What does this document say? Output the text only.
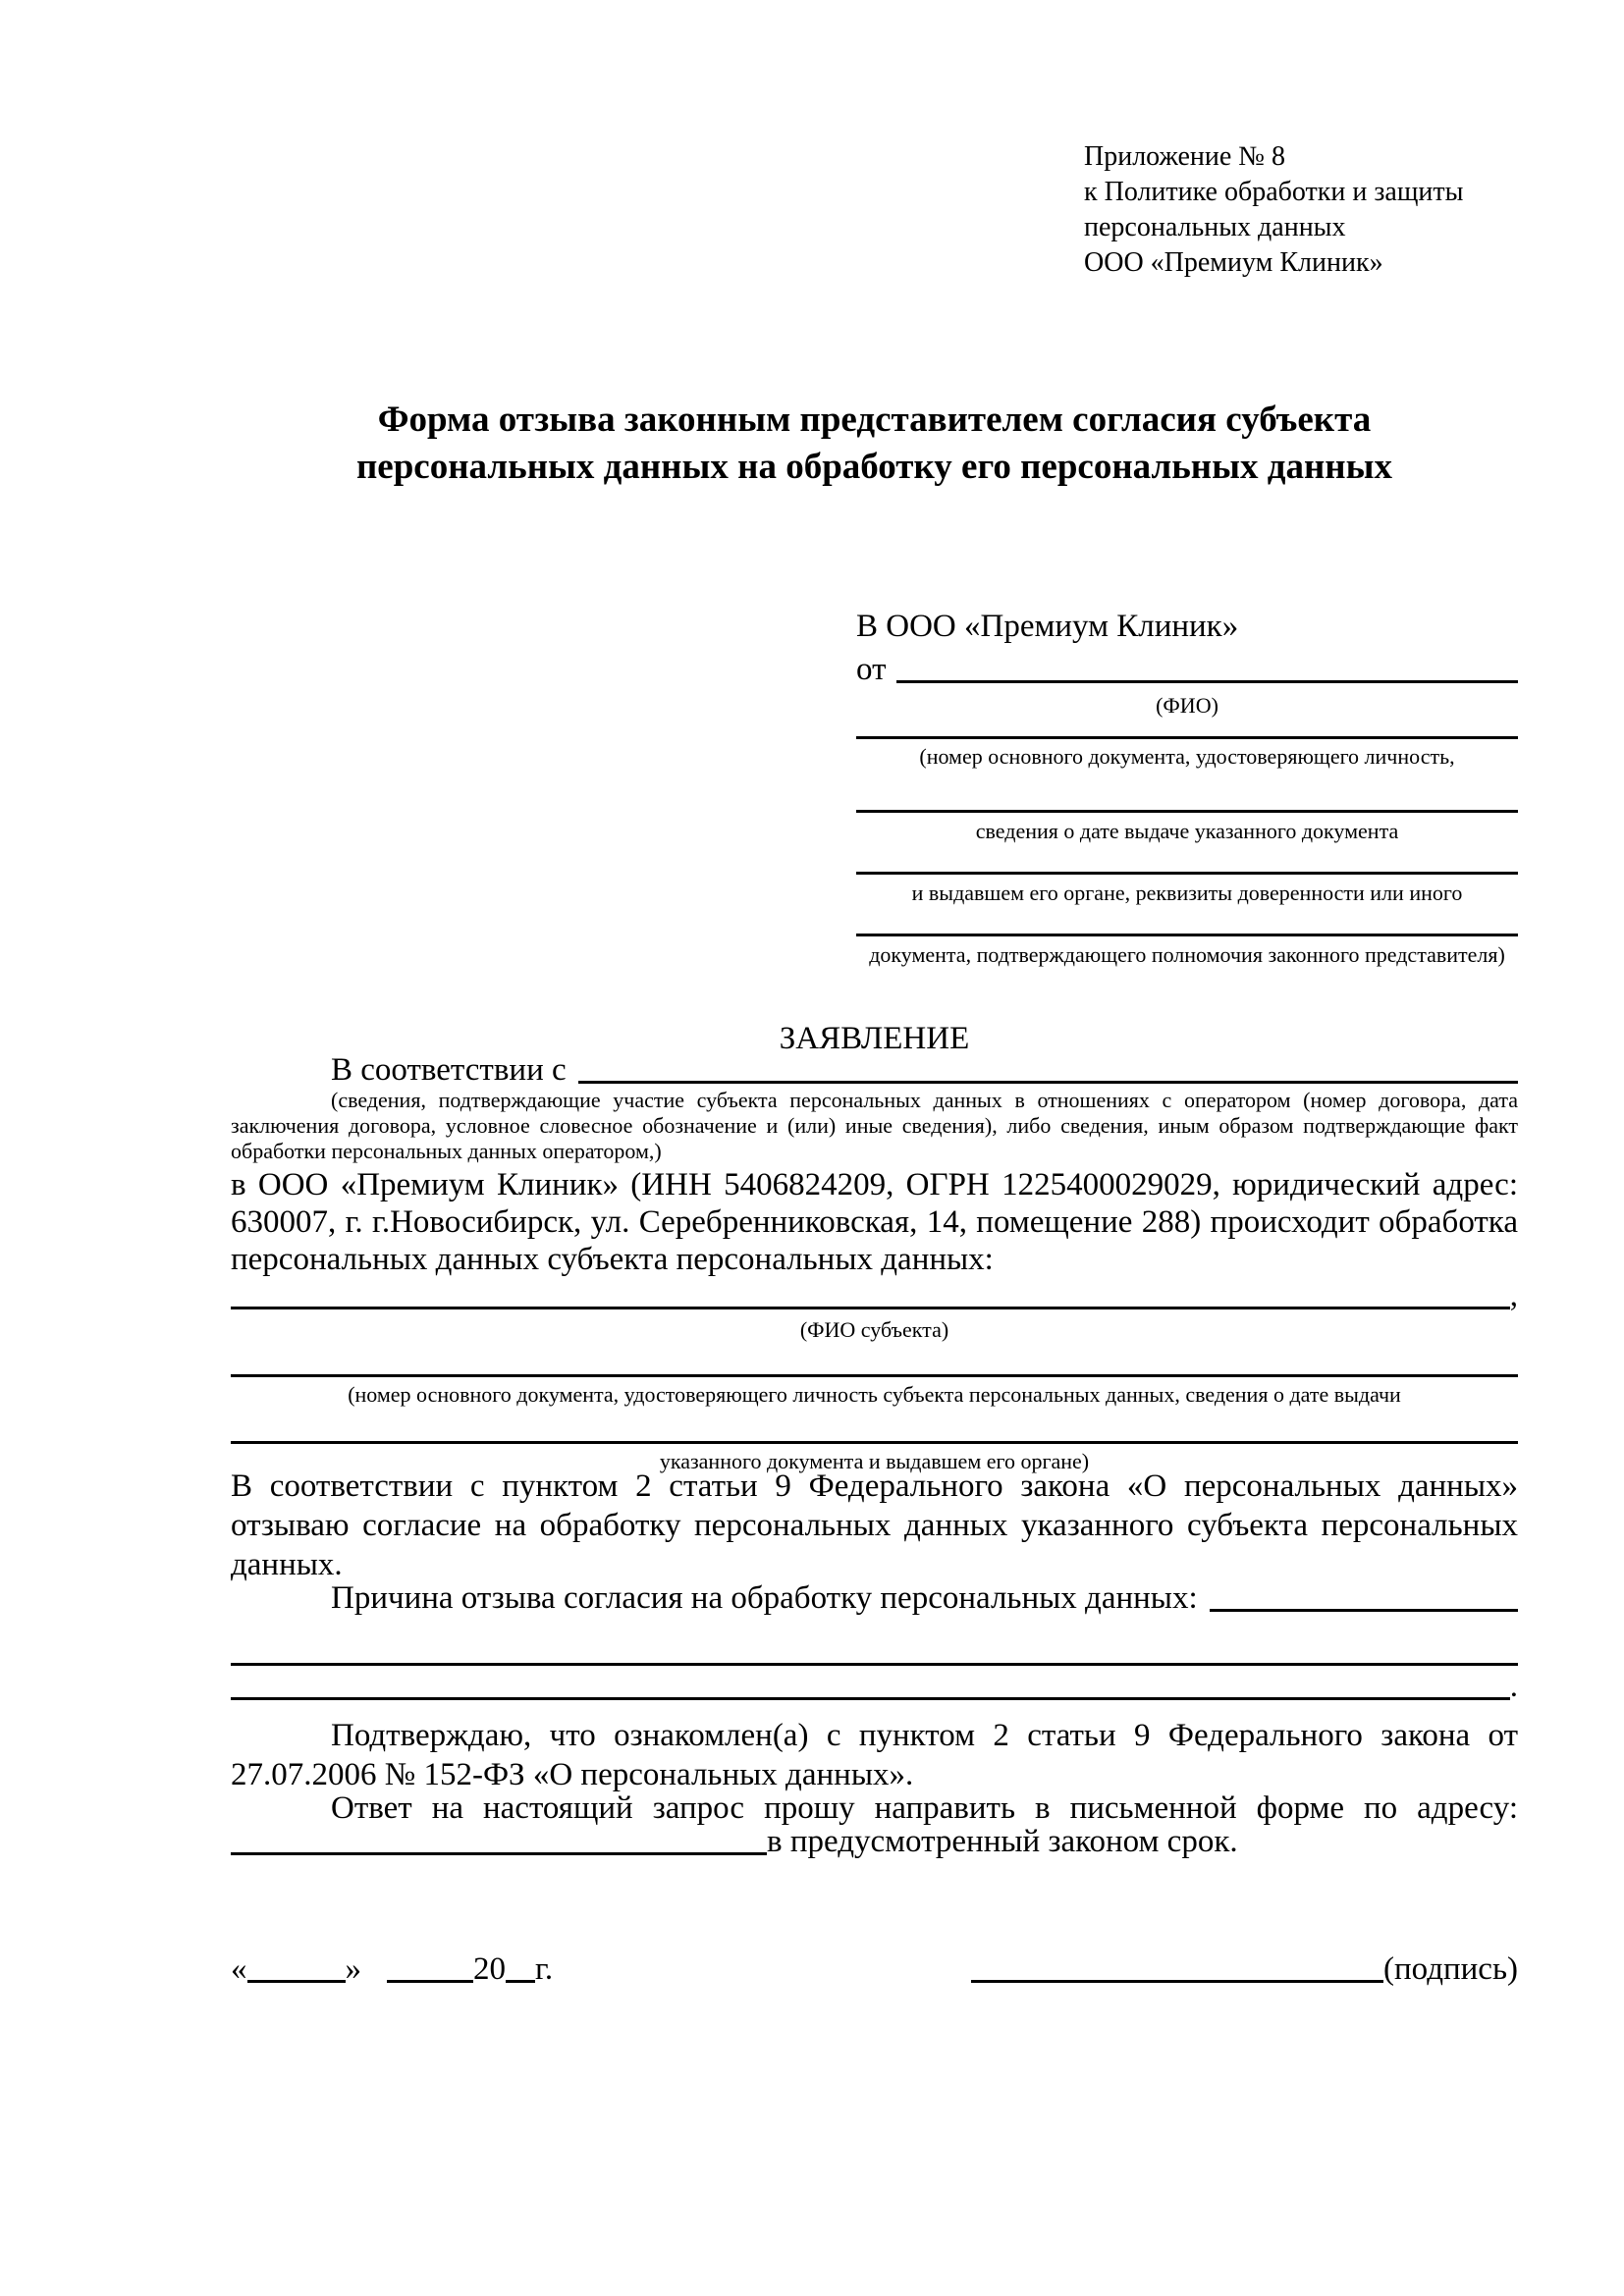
Приложение № 8
к Политике обработки и защиты
персональных данных
ООО «Премиум Клиник»
Форма отзыва законным представителем согласия субъекта
персональных данных на обработку его персональных данных
В ООО «Премиум Клиник»
от
(ФИО)
(номер основного документа, удостоверяющего личность,
сведения о дате выдаче указанного документа
и выдавшем его органе, реквизиты доверенности или иного
документа, подтверждающего полномочия законного представителя)
ЗАЯВЛЕНИЕ
В соответствии с
(сведения, подтверждающие участие субъекта персональных данных в отношениях с оператором (номер договора, дата заключения договора, условное словесное обозначение и (или) иные сведения), либо сведения, иным образом подтверждающие факт обработки персональных данных оператором,)
в ООО «Премиум Клиник» (ИНН 5406824209, ОГРН 1225400029029, юридический адрес: 630007, г. г.Новосибирск, ул. Серебренниковская, 14, помещение 288) происходит обработка персональных данных субъекта персональных данных:
,
(ФИО субъекта)
(номер основного документа, удостоверяющего личность субъекта персональных данных, сведения о дате выдачи
указанного документа и выдавшем его органе)
В соответствии с пунктом 2 статьи 9 Федерального закона «О персональных данных» отзываю согласие на обработку персональных данных указанного субъекта персональных данных.
Причина отзыва согласия на обработку персональных данных:
.
Подтверждаю, что ознакомлен(а) с пунктом 2 статьи 9 Федерального закона от 27.07.2006 № 152-ФЗ «О персональных данных».
Ответ на настоящий запрос прошу направить в письменной форме по адресу:
в предусмотренный законом срок.
«	»	20 г.	(подпись)
